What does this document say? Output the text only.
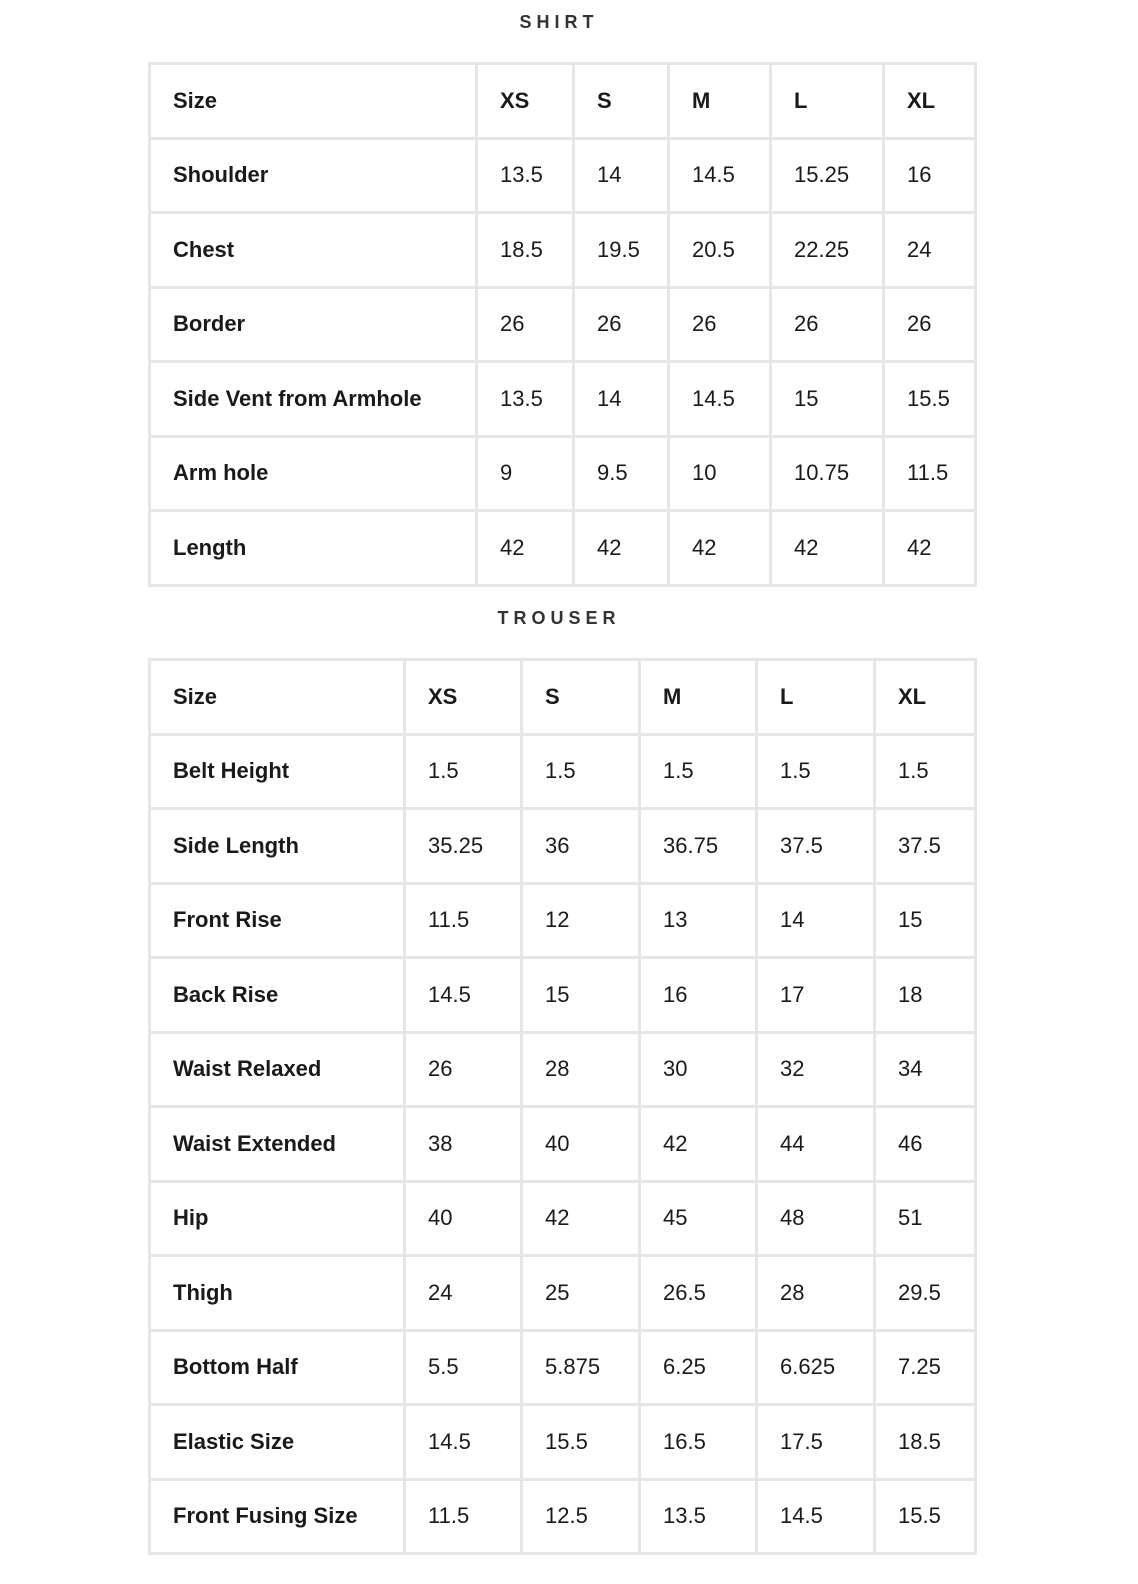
SHIRT
Size	XS	S	M	L	XL
Shoulder	13.5	14	14.5	15.25	16
Chest	18.5	19.5	20.5	22.25	24
Border	26	26	26	26	26
Side Vent from Armhole	13.5	14	14.5	15	15.5
Arm hole	9	9.5	10	10.75	11.5
Length	42	42	42	42	42
TROUSER
Size	XS	S	M	L	XL
Belt Height	1.5	1.5	1.5	1.5	1.5
Side Length	35.25	36	36.75	37.5	37.5
Front Rise	11.5	12	13	14	15
Back Rise	14.5	15	16	17	18
Waist Relaxed	26	28	30	32	34
Waist Extended	38	40	42	44	46
Hip	40	42	45	48	51
Thigh	24	25	26.5	28	29.5
Bottom Half	5.5	5.875	6.25	6.625	7.25
Elastic Size	14.5	15.5	16.5	17.5	18.5
Front Fusing Size	11.5	12.5	13.5	14.5	15.5
